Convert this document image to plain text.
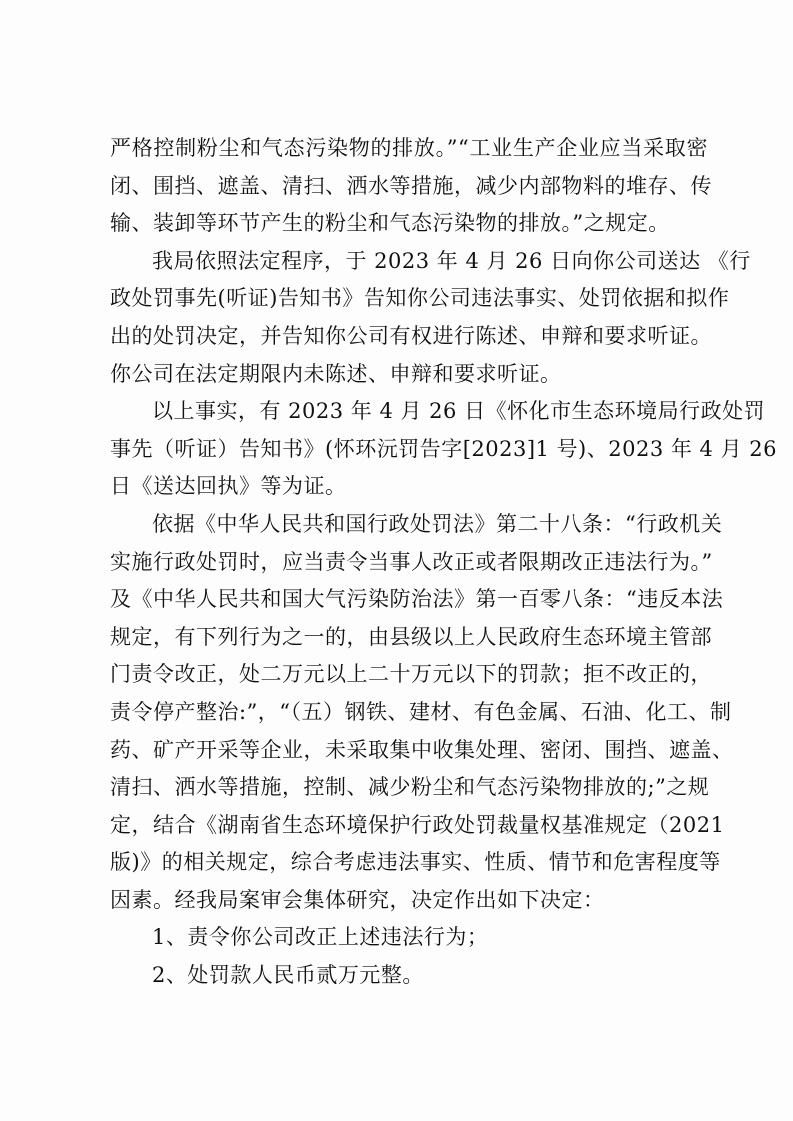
严格控制粉尘和气态污染物的排放。”“工业生产企业应当采取密
闭、围挡、遮盖、清扫、洒水等措施，减少内部物料的堆存、传
输、装卸等环节产生的粉尘和气态污染物的排放。”之规定。
我局依照法定程序，于 2023 年 4 月 26 日向你公司送达 《行
政处罚事先(听证)告知书》告知你公司违法事实、处罚依据和拟作
出的处罚决定，并告知你公司有权进行陈述、申辩和要求听证。
你公司在法定期限内未陈述、申辩和要求听证。
以上事实，有 2023 年 4 月 26 日《怀化市生态环境局行政处罚
事先（听证）告知书》(怀环沅罚告字[2023]1 号)、2023 年 4 月 26
日《送达回执》等为证。
依据《中华人民共和国行政处罚法》第二十八条：“行政机关
实施行政处罚时，应当责令当事人改正或者限期改正违法行为。”
及《中华人民共和国大气污染防治法》第一百零八条：“违反本法
规定，有下列行为之一的，由县级以上人民政府生态环境主管部
门责令改正，处二万元以上二十万元以下的罚款；拒不改正的，
责令停产整治:”，“（五）钢铁、建材、有色金属、石油、化工、制
药、矿产开采等企业，未采取集中收集处理、密闭、围挡、遮盖、
清扫、洒水等措施，控制、减少粉尘和气态污染物排放的;”之规
定，结合《湖南省生态环境保护行政处罚裁量权基准规定（2021
版)》的相关规定，综合考虑违法事实、性质、情节和危害程度等
因素。经我局案审会集体研究，决定作出如下决定：
1、责令你公司改正上述违法行为；
2、处罚款人民币贰万元整。
